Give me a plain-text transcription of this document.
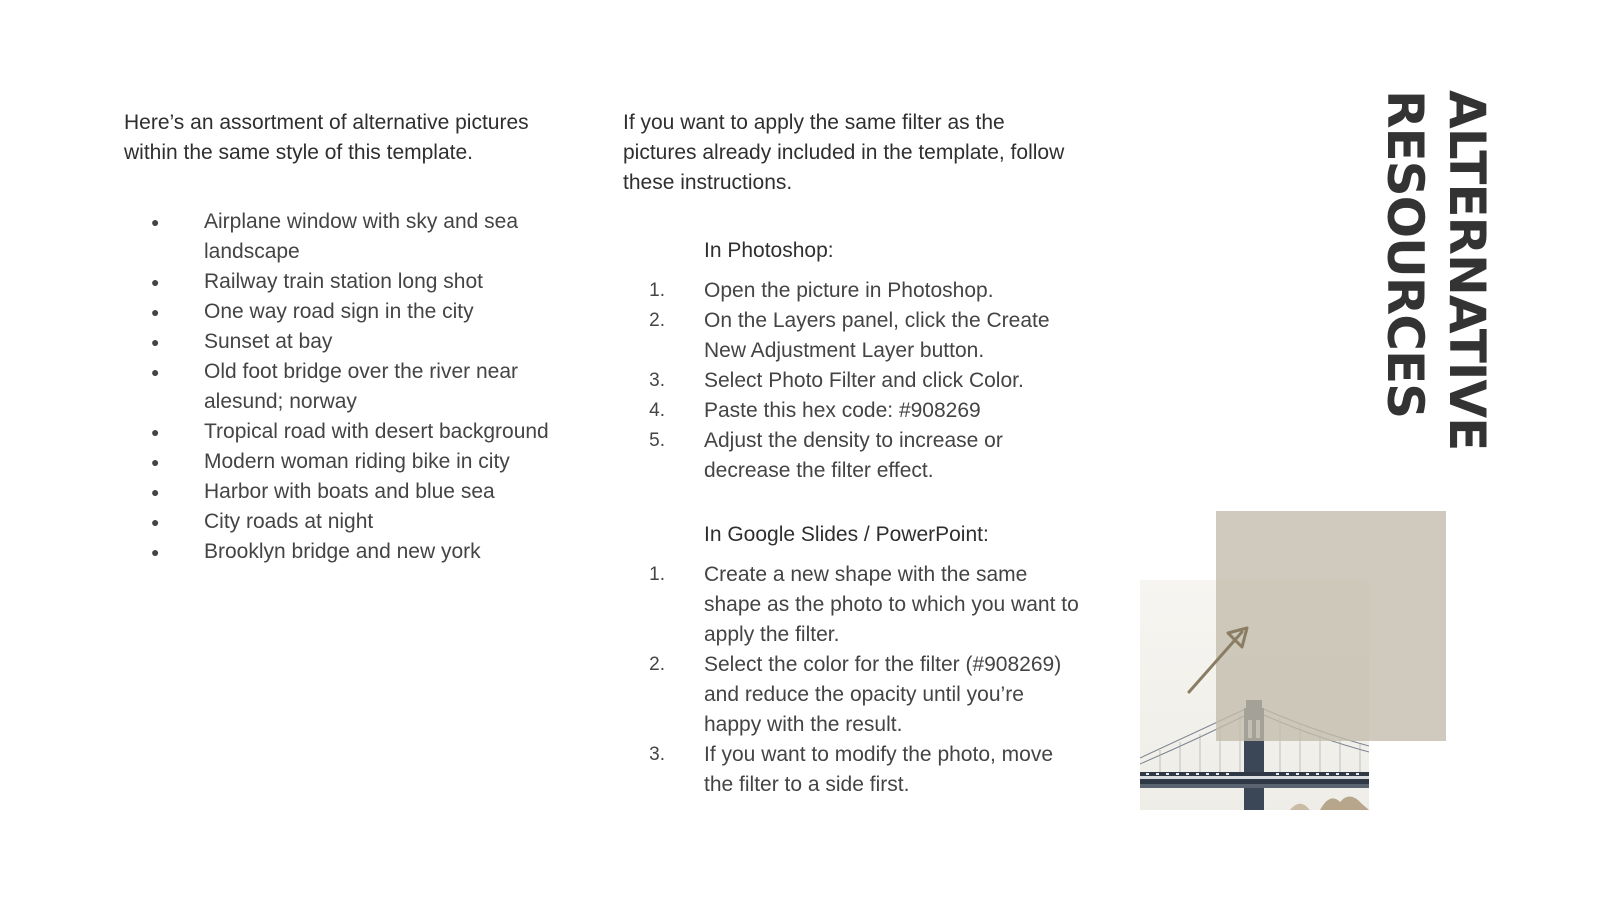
Here’s an assortment of alternative pictures within the same style of this template.

● Airplane window with sky and sea landscape
● Railway train station long shot
● One way road sign in the city
● Sunset at bay
● Old foot bridge over the river near alesund; norway
● Tropical road with desert background
● Modern woman riding bike in city
● Harbor with boats and blue sea
● City roads at night
● Brooklyn bridge and new york

If you want to apply the same filter as the pictures already included in the template, follow these instructions.

In Photoshop:

1. Open the picture in Photoshop.
2. On the Layers panel, click the Create New Adjustment Layer button.
3. Select Photo Filter and click Color.
4. Paste this hex code: #908269
5. Adjust the density to increase or decrease the filter effect.

In Google Slides / PowerPoint:

1. Create a new shape with the same shape as the photo to which you want to apply the filter.
2. Select the color for the filter (#908269) and reduce the opacity until you’re happy with the result.
3. If you want to modify the photo, move the filter to a side first.
ALTERNATIVE
RESOURCES
